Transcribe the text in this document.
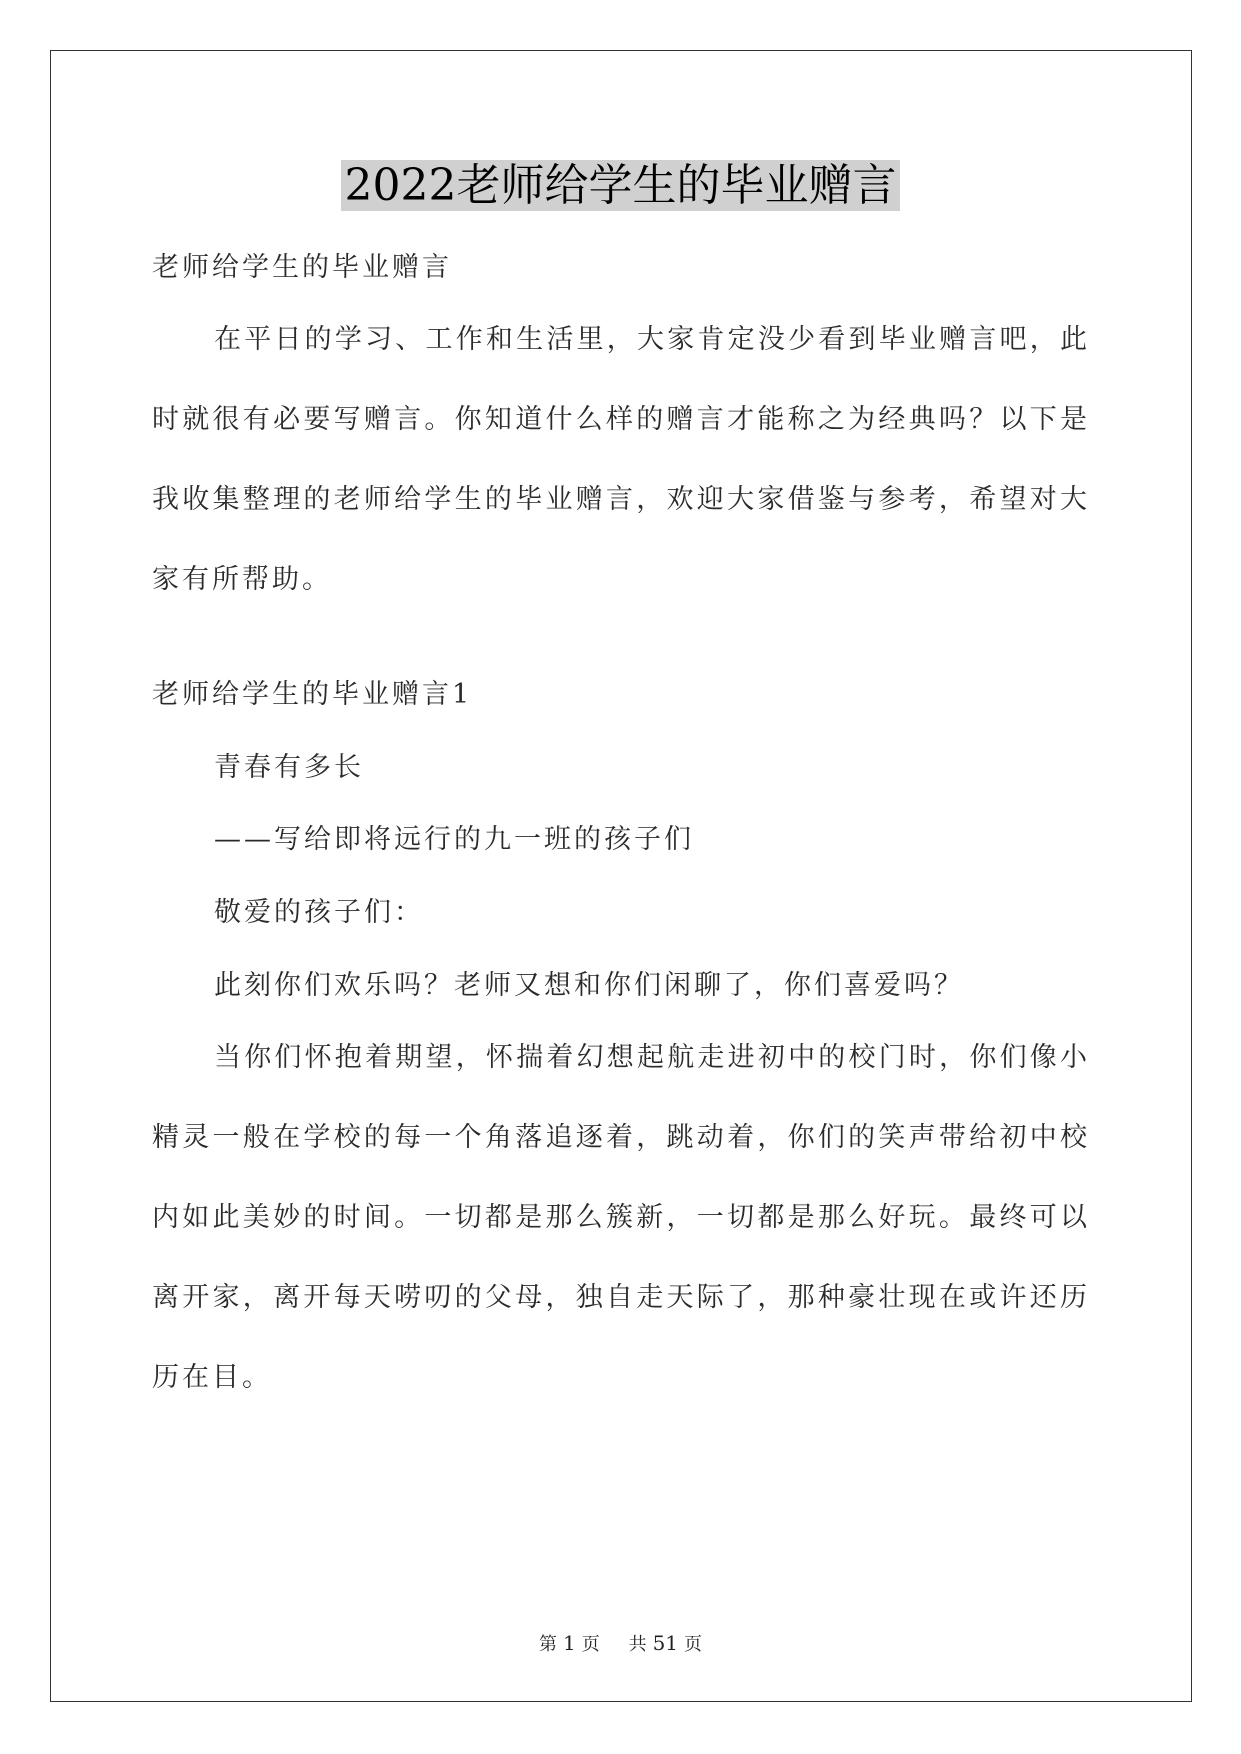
2022老师给学生的毕业赠言

老师给学生的毕业赠言

在平日的学习、工作和生活里，大家肯定没少看到毕业赠言吧，此时就很有必要写赠言。你知道什么样的赠言才能称之为经典吗？以下是我收集整理的老师给学生的毕业赠言，欢迎大家借鉴与参考，希望对大家有所帮助。

老师给学生的毕业赠言1

青春有多长

——写给即将远行的九一班的孩子们

敬爱的孩子们：

此刻你们欢乐吗？老师又想和你们闲聊了，你们喜爱吗？

当你们怀抱着期望，怀揣着幻想起航走进初中的校门时，你们像小精灵一般在学校的每一个角落追逐着，跳动着，你们的笑声带给初中校内如此美妙的时间。一切都是那么簇新，一切都是那么好玩。最终可以离开家，离开每天唠叨的父母，独自走天际了，那种豪壮现在或许还历历在目。

第 1 页 共 51 页
